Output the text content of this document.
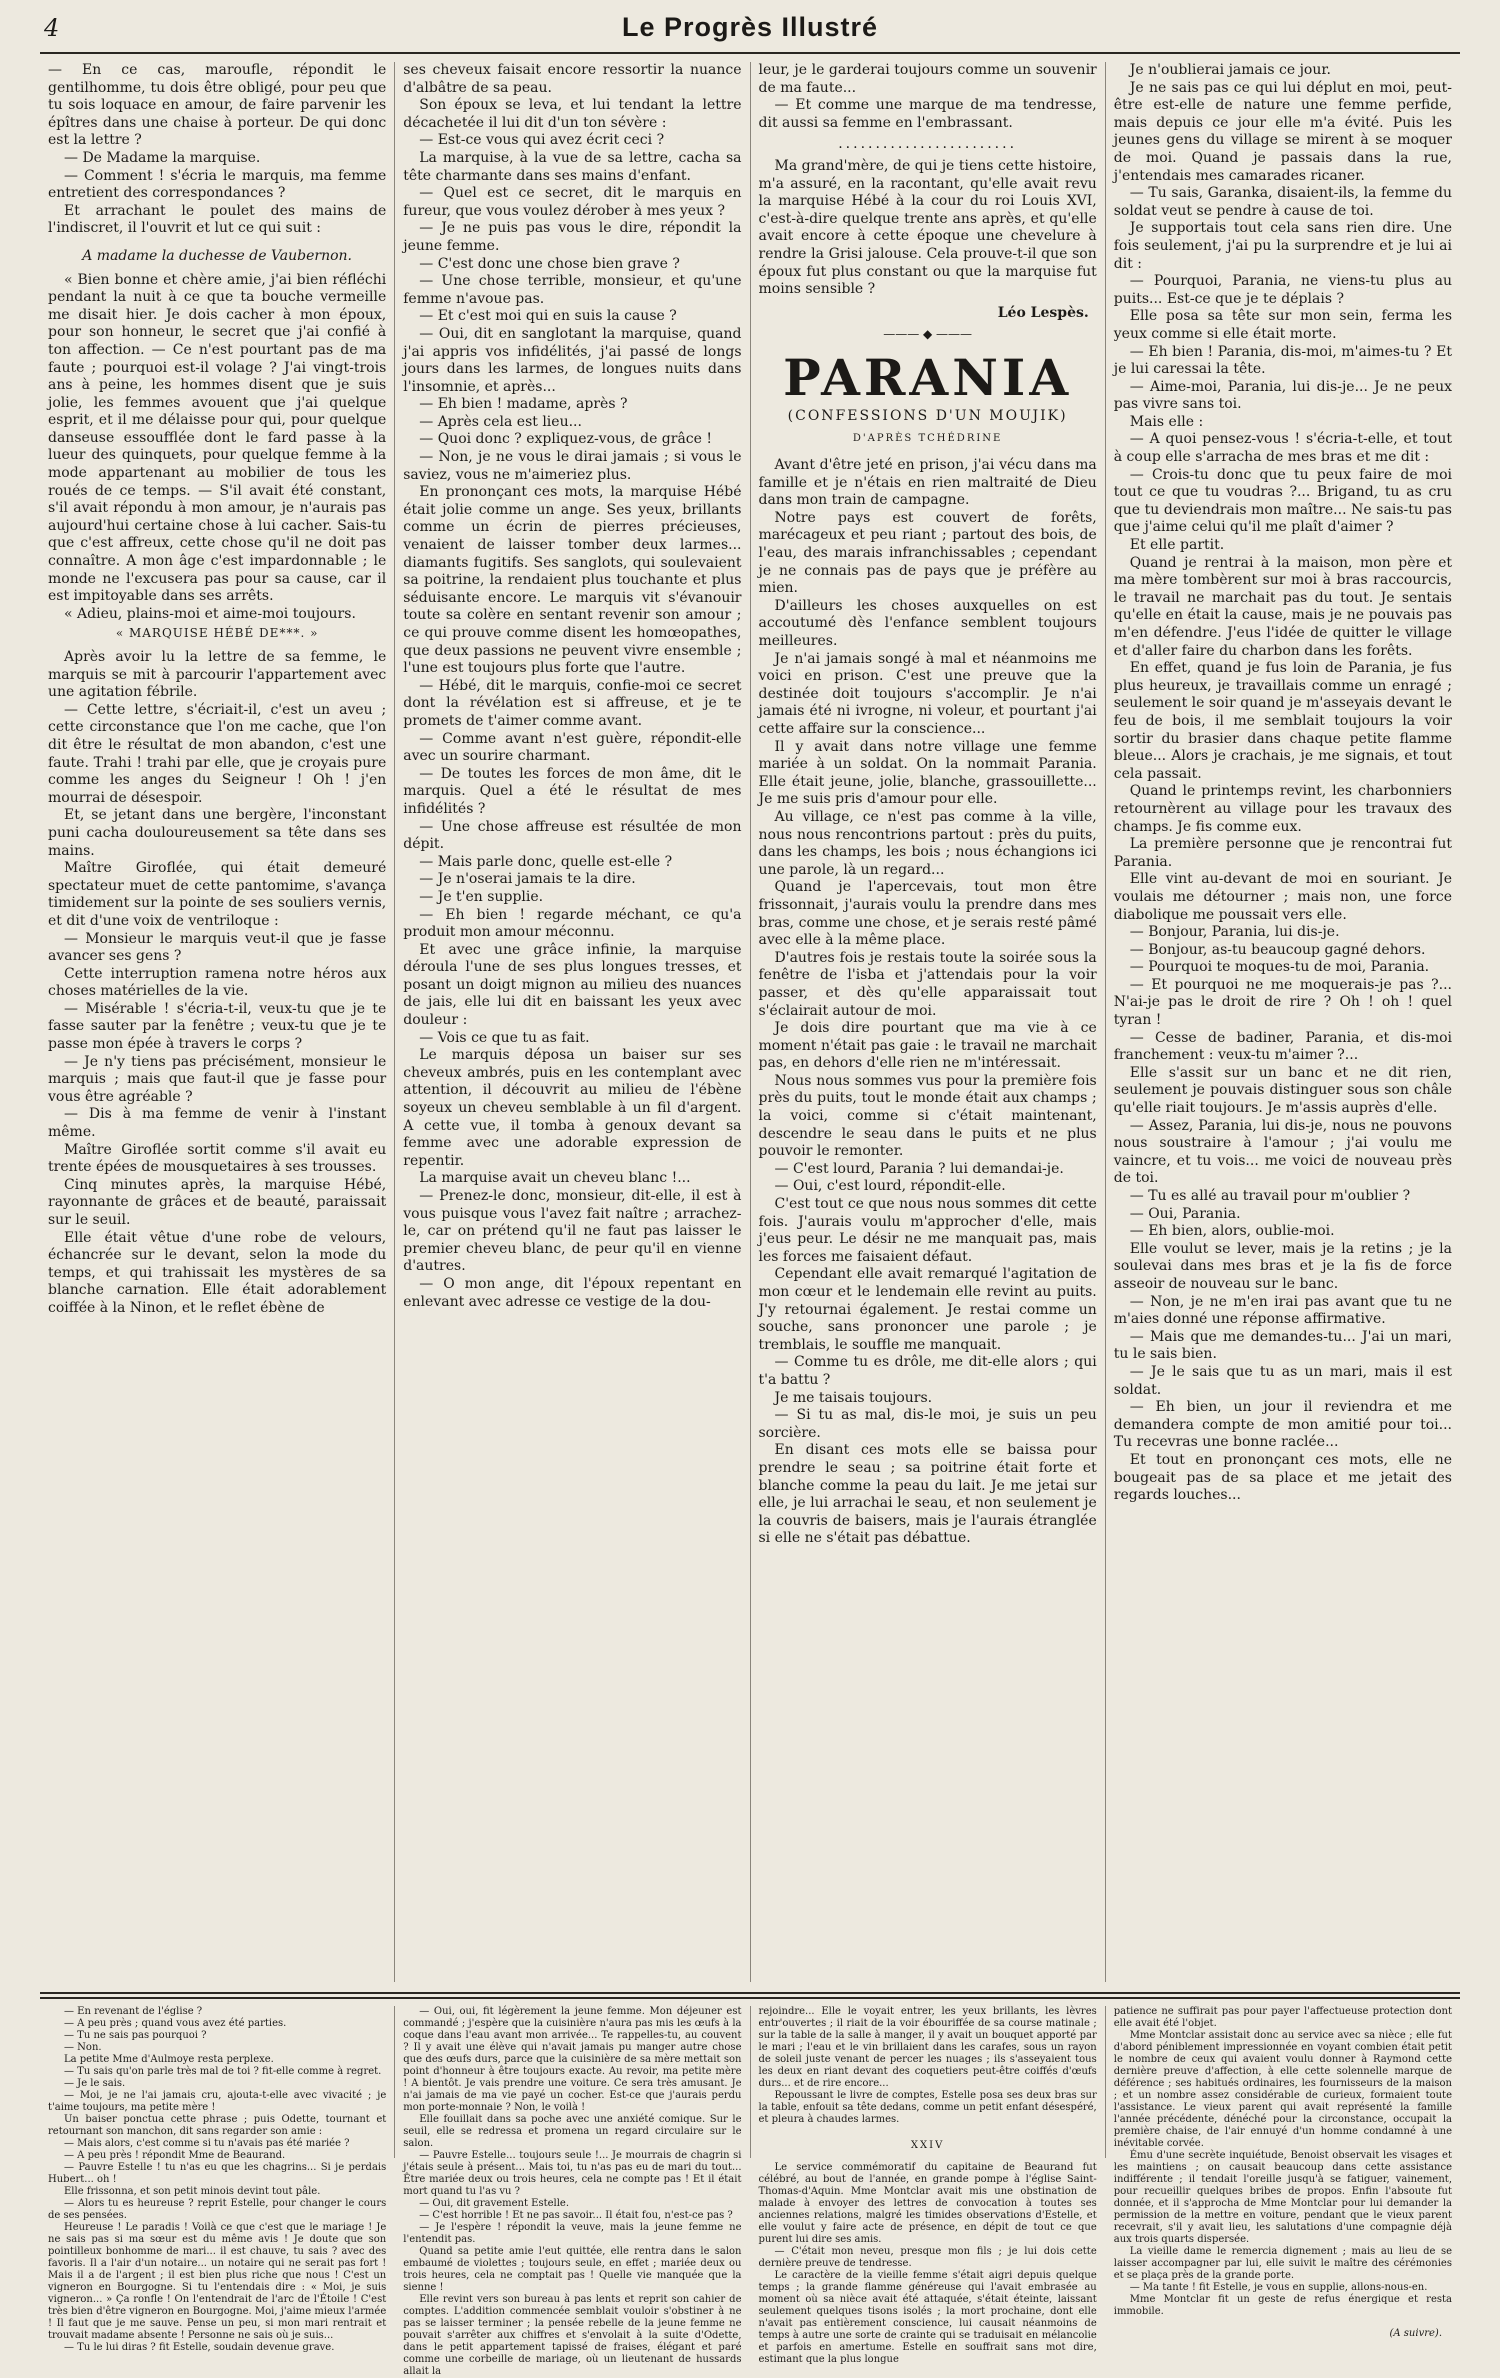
4	Le Progrès Illustré

— En ce cas, maroufle, répondit le gentilhomme, tu dois être obligé, pour peu que tu sois loquace en amour, de faire parvenir les épîtres dans une chaise à porteur. De qui donc est la lettre ?

— De Madame la marquise.

— Comment ! s'écria le marquis, ma femme entretient des correspondances ?

Et arrachant le poulet des mains de l'indiscret, il l'ouvrit et lut ce qui suit :

A madame la duchesse de Vaubernon.

« Bien bonne et chère amie, j'ai bien réfléchi pendant la nuit à ce que ta bouche vermeille me disait hier. Je dois cacher à mon époux, pour son honneur, le secret que j'ai confié à ton affection. — Ce n'est pourtant pas de ma faute ; pourquoi est-il volage ? J'ai vingt-trois ans à peine, les hommes disent que je suis jolie, les femmes avouent que j'ai quelque esprit, et il me délaisse pour qui, pour quelque danseuse essoufflée dont le fard passe à la lueur des quinquets, pour quelque femme à la mode appartenant au mobilier de tous les roués de ce temps. — S'il avait été constant, s'il avait répondu à mon amour, je n'aurais pas aujourd'hui certaine chose à lui cacher. Sais-tu que c'est affreux, cette chose qu'il ne doit pas connaître. A mon âge c'est impardonnable ; le monde ne l'excusera pas pour sa cause, car il est impitoyable dans ses arrêts.

« Adieu, plains-moi et aime-moi toujours.

« MARQUISE HÉBÉ DE***. »

Après avoir lu la lettre de sa femme, le marquis se mit à parcourir l'appartement avec une agitation fébrile.

— Cette lettre, s'écriait-il, c'est un aveu ; cette circonstance que l'on me cache, que l'on dit être le résultat de mon abandon, c'est une faute. Trahi ! trahi par elle, que je croyais pure comme les anges du Seigneur ! Oh ! j'en mourrai de désespoir.

Et, se jetant dans une bergère, l'inconstant puni cacha douloureusement sa tête dans ses mains.

Maître Giroflée, qui était demeuré spectateur muet de cette pantomime, s'avança timidement sur la pointe de ses souliers vernis, et dit d'une voix de ventriloque :

— Monsieur le marquis veut-il que je fasse avancer ses gens ?

Cette interruption ramena notre héros aux choses matérielles de la vie.

— Misérable ! s'écria-t-il, veux-tu que je te fasse sauter par la fenêtre ; veux-tu que je te passe mon épée à travers le corps ?

— Je n'y tiens pas précisément, monsieur le marquis ; mais que faut-il que je fasse pour vous être agréable ?

— Dis à ma femme de venir à l'instant même.

Maître Giroflée sortit comme s'il avait eu trente épées de mousquetaires à ses trousses.

Cinq minutes après, la marquise Hébé, rayonnante de grâces et de beauté, paraissait sur le seuil.

Elle était vêtue d'une robe de velours, échancrée sur le devant, selon la mode du temps, et qui trahissait les mystères de sa blanche carnation. Elle était adorablement coiffée à la Ninon, et le reflet ébène de

ses cheveux faisait encore ressortir la nuance d'albâtre de sa peau.

Son époux se leva, et lui tendant la lettre décachetée il lui dit d'un ton sévère :

— Est-ce vous qui avez écrit ceci ?

La marquise, à la vue de sa lettre, cacha sa tête charmante dans ses mains d'enfant.

— Quel est ce secret, dit le marquis en fureur, que vous voulez dérober à mes yeux ?

— Je ne puis pas vous le dire, répondit la jeune femme.

— C'est donc une chose bien grave ?

— Une chose terrible, monsieur, et qu'une femme n'avoue pas.

— Et c'est moi qui en suis la cause ?

— Oui, dit en sanglotant la marquise, quand j'ai appris vos infidélités, j'ai passé de longs jours dans les larmes, de longues nuits dans l'insomnie, et après...

— Eh bien ! madame, après ?

— Après cela est lieu...

— Quoi donc ? expliquez-vous, de grâce !

— Non, je ne vous le dirai jamais ; si vous le saviez, vous ne m'aimeriez plus.

En prononçant ces mots, la marquise Hébé était jolie comme un ange. Ses yeux, brillants comme un écrin de pierres précieuses, venaient de laisser tomber deux larmes... diamants fugitifs. Ses sanglots, qui soulevaient sa poitrine, la rendaient plus touchante et plus séduisante encore. Le marquis vit s'évanouir toute sa colère en sentant revenir son amour ; ce qui prouve comme disent les homœopathes, que deux passions ne peuvent vivre ensemble ; l'une est toujours plus forte que l'autre.

— Hébé, dit le marquis, confie-moi ce secret dont la révélation est si affreuse, et je te promets de t'aimer comme avant.

— Comme avant n'est guère, répondit-elle avec un sourire charmant.

— De toutes les forces de mon âme, dit le marquis. Quel a été le résultat de mes infidélités ?

— Une chose affreuse est résultée de mon dépit.

— Mais parle donc, quelle est-elle ?

— Je n'oserai jamais te la dire.

— Je t'en supplie.

— Eh bien ! regarde méchant, ce qu'a produit mon amour méconnu.

Et avec une grâce infinie, la marquise déroula l'une de ses plus longues tresses, et posant un doigt mignon au milieu des nuances de jais, elle lui dit en baissant les yeux avec douleur :

— Vois ce que tu as fait.

Le marquis déposa un baiser sur ses cheveux ambrés, puis en les contemplant avec attention, il découvrit au milieu de l'ébène soyeux un cheveu semblable à un fil d'argent. A cette vue, il tomba à genoux devant sa femme avec une adorable expression de repentir.

La marquise avait un cheveu blanc !...

— Prenez-le donc, monsieur, dit-elle, il est à vous puisque vous l'avez fait naître ; arrachez-le, car on prétend qu'il ne faut pas laisser le premier cheveu blanc, de peur qu'il en vienne d'autres.

— O mon ange, dit l'époux repentant en enlevant avec adresse ce vestige de la dou-

leur, je le garderai toujours comme un souvenir de ma faute...

— Et comme une marque de ma tendresse, dit aussi sa femme en l'embrassant.

........................

Ma grand'mère, de qui je tiens cette histoire, m'a assuré, en la racontant, qu'elle avait revu la marquise Hébé à la cour du roi Louis XVI, c'est-à-dire quelque trente ans après, et qu'elle avait encore à cette époque une chevelure à rendre la Grisi jalouse. Cela prouve-t-il que son époux fut plus constant ou que la marquise fut moins sensible ?

Léo Lespès.

——— ◆ ———

PARANIA

(CONFESSIONS D'UN MOUJIK)

D'APRÈS TCHÉDRINE

Avant d'être jeté en prison, j'ai vécu dans ma famille et je n'étais en rien maltraité de Dieu dans mon train de campagne.

Notre pays est couvert de forêts, marécageux et peu riant ; partout des bois, de l'eau, des marais infranchissables ; cependant je ne connais pas de pays que je préfère au mien.

D'ailleurs les choses auxquelles on est accoutumé dès l'enfance semblent toujours meilleures.

Je n'ai jamais songé à mal et néanmoins me voici en prison. C'est une preuve que la destinée doit toujours s'accomplir. Je n'ai jamais été ni ivrogne, ni voleur, et pourtant j'ai cette affaire sur la conscience...

Il y avait dans notre village une femme mariée à un soldat. On la nommait Parania. Elle était jeune, jolie, blanche, grassouillette... Je me suis pris d'amour pour elle.

Au village, ce n'est pas comme à la ville, nous nous rencontrions partout : près du puits, dans les champs, les bois ; nous échangions ici une parole, là un regard...

Quand je l'apercevais, tout mon être frissonnait, j'aurais voulu la prendre dans mes bras, comme une chose, et je serais resté pâmé avec elle à la même place.

D'autres fois je restais toute la soirée sous la fenêtre de l'isba et j'attendais pour la voir passer, et dès qu'elle apparaissait tout s'éclairait autour de moi.

Je dois dire pourtant que ma vie à ce moment n'était pas gaie : le travail ne marchait pas, en dehors d'elle rien ne m'intéressait.

Nous nous sommes vus pour la première fois près du puits, tout le monde était aux champs ; la voici, comme si c'était maintenant, descendre le seau dans le puits et ne plus pouvoir le remonter.

— C'est lourd, Parania ? lui demandai-je.

— Oui, c'est lourd, répondit-elle.

C'est tout ce que nous nous sommes dit cette fois. J'aurais voulu m'approcher d'elle, mais j'eus peur. Le désir ne me manquait pas, mais les forces me faisaient défaut.

Cependant elle avait remarqué l'agitation de mon cœur et le lendemain elle revint au puits. J'y retournai également. Je restai comme un souche, sans prononcer une parole ; je tremblais, le souffle me manquait.

— Comme tu es drôle, me dit-elle alors ; qui t'a battu ?

Je me taisais toujours.

— Si tu as mal, dis-le moi, je suis un peu sorcière.

En disant ces mots elle se baissa pour prendre le seau ; sa poitrine était forte et blanche comme la peau du lait. Je me jetai sur elle, je lui arrachai le seau, et non seulement je la couvris de baisers, mais je l'aurais étranglée si elle ne s'était pas débattue.

Je n'oublierai jamais ce jour.

Je ne sais pas ce qui lui déplut en moi, peut-être est-elle de nature une femme perfide, mais depuis ce jour elle m'a évité. Puis les jeunes gens du village se mirent à se moquer de moi. Quand je passais dans la rue, j'entendais mes camarades ricaner.

— Tu sais, Garanka, disaient-ils, la femme du soldat veut se pendre à cause de toi.

Je supportais tout cela sans rien dire. Une fois seulement, j'ai pu la surprendre et je lui ai dit :

— Pourquoi, Parania, ne viens-tu plus au puits... Est-ce que je te déplais ?

Elle posa sa tête sur mon sein, ferma les yeux comme si elle était morte.

— Eh bien ! Parania, dis-moi, m'aimes-tu ? Et je lui caressai la tête.

— Aime-moi, Parania, lui dis-je... Je ne peux pas vivre sans toi.

Mais elle :

— A quoi pensez-vous ! s'écria-t-elle, et tout à coup elle s'arracha de mes bras et me dit :

— Crois-tu donc que tu peux faire de moi tout ce que tu voudras ?... Brigand, tu as cru que tu deviendrais mon maître... Ne sais-tu pas que j'aime celui qu'il me plaît d'aimer ?

Et elle partit.

Quand je rentrai à la maison, mon père et ma mère tombèrent sur moi à bras raccourcis, le travail ne marchait pas du tout. Je sentais qu'elle en était la cause, mais je ne pouvais pas m'en défendre. J'eus l'idée de quitter le village et d'aller faire du charbon dans les forêts.

En effet, quand je fus loin de Parania, je fus plus heureux, je travaillais comme un enragé ; seulement le soir quand je m'asseyais devant le feu de bois, il me semblait toujours la voir sortir du brasier dans chaque petite flamme bleue... Alors je crachais, je me signais, et tout cela passait.

Quand le printemps revint, les charbonniers retournèrent au village pour les travaux des champs. Je fis comme eux.

La première personne que je rencontrai fut Parania.

Elle vint au-devant de moi en souriant. Je voulais me détourner ; mais non, une force diabolique me poussait vers elle.

— Bonjour, Parania, lui dis-je.

— Bonjour, as-tu beaucoup gagné dehors.

— Pourquoi te moques-tu de moi, Parania.

— Et pourquoi ne me moquerais-je pas ?... N'ai-je pas le droit de rire ? Oh ! oh ! quel tyran !

— Cesse de badiner, Parania, et dis-moi franchement : veux-tu m'aimer ?...

Elle s'assit sur un banc et ne dit rien, seulement je pouvais distinguer sous son châle qu'elle riait toujours. Je m'assis auprès d'elle.

— Assez, Parania, lui dis-je, nous ne pouvons nous soustraire à l'amour ; j'ai voulu me vaincre, et tu vois... me voici de nouveau près de toi.

— Tu es allé au travail pour m'oublier ?

— Oui, Parania.

— Eh bien, alors, oublie-moi.

Elle voulut se lever, mais je la retins ; je la soulevai dans mes bras et je la fis de force asseoir de nouveau sur le banc.

— Non, je ne m'en irai pas avant que tu ne m'aies donné une réponse affirmative.

— Mais que me demandes-tu... J'ai un mari, tu le sais bien.

— Je le sais que tu as un mari, mais il est soldat.

— Eh bien, un jour il reviendra et me demandera compte de mon amitié pour toi... Tu recevras une bonne raclée...

Et tout en prononçant ces mots, elle ne bougeait pas de sa place et me jetait des regards louches...

— En revenant de l'église ?

— A peu près ; quand vous avez été parties.

— Tu ne sais pas pourquoi ?

— Non.

La petite Mme d'Aulmoye resta perplexe.

— Tu sais qu'on parle très mal de toi ? fit-elle comme à regret.

— Je le sais.

— Moi, je ne l'ai jamais cru, ajouta-t-elle avec vivacité ; je t'aime toujours, ma petite mère !

Un baiser ponctua cette phrase ; puis Odette, tournant et retournant son manchon, dit sans regarder son amie :

— Mais alors, c'est comme si tu n'avais pas été mariée ?

— A peu près ! répondit Mme de Beaurand.

— Pauvre Estelle ! tu n'as eu que les chagrins... Si je perdais Hubert... oh !

Elle frissonna, et son petit minois devint tout pâle.

— Alors tu es heureuse ? reprit Estelle, pour changer le cours de ses pensées.

Heureuse ! Le paradis ! Voilà ce que c'est que le mariage ! Je ne sais pas si ma sœur est du même avis ! Je doute que son pointilleux bonhomme de mari... il est chauve, tu sais ? avec des favoris. Il a l'air d'un notaire... un notaire qui ne serait pas fort ! Mais il a de l'argent ; il est bien plus riche que nous ! C'est un vigneron en Bourgogne. Si tu l'entendais dire : « Moi, je suis vigneron... » Ça ronfle ! On l'entendrait de l'arc de l'Étoile ! C'est très bien d'être vigneron en Bourgogne. Moi, j'aime mieux l'armée ! Il faut que je me sauve. Pense un peu, si mon mari rentrait et trouvait madame absente ! Personne ne sais où je suis...

— Tu le lui diras ? fit Estelle, soudain devenue grave.

— Oui, oui, fit légèrement la jeune femme. Mon déjeuner est commandé ; j'espère que la cuisinière n'aura pas mis les œufs à la coque dans l'eau avant mon arrivée... Te rappelles-tu, au couvent ? Il y avait une élève qui n'avait jamais pu manger autre chose que des œufs durs, parce que la cuisinière de sa mère mettait son point d'honneur à être toujours exacte. Au revoir, ma petite mère ! A bientôt. Je vais prendre une voiture. Ce sera très amusant. Je n'ai jamais de ma vie payé un cocher. Est-ce que j'aurais perdu mon porte-monnaie ? Non, le voilà !

Elle fouillait dans sa poche avec une anxiété comique. Sur le seuil, elle se redressa et promena un regard circulaire sur le salon.

— Pauvre Estelle... toujours seule !... Je mourrais de chagrin si j'étais seule à présent... Mais toi, tu n'as pas eu de mari du tout... Être mariée deux ou trois heures, cela ne compte pas ! Et il était mort quand tu l'as vu ?

— Oui, dit gravement Estelle.

— C'est horrible ! Et ne pas savoir... Il était fou, n'est-ce pas ?

— Je l'espère ! répondit la veuve, mais la jeune femme ne l'entendit pas.

Quand sa petite amie l'eut quittée, elle rentra dans le salon embaumé de violettes ; toujours seule, en effet ; mariée deux ou trois heures, cela ne comptait pas ! Quelle vie manquée que la sienne !

Elle revint vers son bureau à pas lents et reprit son cahier de comptes. L'addition commencée semblait vouloir s'obstiner à ne pas se laisser terminer ; la pensée rebelle de la jeune femme ne pouvait s'arrêter aux chiffres et s'envolait à la suite d'Odette, dans le petit appartement tapissé de fraises, élégant et paré comme une corbeille de mariage, où un lieutenant de hussards allait la

rejoindre... Elle le voyait entrer, les yeux brillants, les lèvres entr'ouvertes ; il riait de la voir ébouriffée de sa course matinale ; sur la table de la salle à manger, il y avait un bouquet apporté par le mari ; l'eau et le vin brillaient dans les carafes, sous un rayon de soleil juste venant de percer les nuages ; ils s'asseyaient tous les deux en riant devant des coquetiers peut-être coiffés d'œufs durs... et de rire encore...

Repoussant le livre de comptes, Estelle posa ses deux bras sur la table, enfouit sa tête dedans, comme un petit enfant désespéré, et pleura à chaudes larmes.

XXIV

Le service commémoratif du capitaine de Beaurand fut célébré, au bout de l'année, en grande pompe à l'église Saint-Thomas-d'Aquin. Mme Montclar avait mis une obstination de malade à envoyer des lettres de convocation à toutes ses anciennes relations, malgré les timides observations d'Estelle, et elle voulut y faire acte de présence, en dépit de tout ce que purent lui dire ses amis.

— C'était mon neveu, presque mon fils ; je lui dois cette dernière preuve de tendresse.

Le caractère de la vieille femme s'était aigri depuis quelque temps ; la grande flamme généreuse qui l'avait embrasée au moment où sa nièce avait été attaquée, s'était éteinte, laissant seulement quelques tisons isolés ; la mort prochaine, dont elle n'avait pas entièrement conscience, lui causait néanmoins de temps à autre une sorte de crainte qui se traduisait en mélancolie et parfois en amertume. Estelle en souffrait sans mot dire, estimant que la plus longue

patience ne suffirait pas pour payer l'affectueuse protection dont elle avait été l'objet.

Mme Montclar assistait donc au service avec sa nièce ; elle fut d'abord péniblement impressionnée en voyant combien était petit le nombre de ceux qui avaient voulu donner à Raymond cette dernière preuve d'affection, à elle cette solennelle marque de déférence ; ses habitués ordinaires, les fournisseurs de la maison ; et un nombre assez considérable de curieux, formaient toute l'assistance. Le vieux parent qui avait représenté la famille l'année précédente, dénéché pour la circonstance, occupait la première chaise, de l'air ennuyé d'un homme condamné à une inévitable corvée.

Ému d'une secrète inquiétude, Benoist observait les visages et les maintiens ; on causait beaucoup dans cette assistance indifférente ; il tendait l'oreille jusqu'à se fatiguer, vainement, pour recueillir quelques bribes de propos. Enfin l'absoute fut donnée, et il s'approcha de Mme Montclar pour lui demander la permission de la mettre en voiture, pendant que le vieux parent recevrait, s'il y avait lieu, les salutations d'une compagnie déjà aux trois quarts dispersée.

La vieille dame le remercia dignement ; mais au lieu de se laisser accompagner par lui, elle suivit le maître des cérémonies et se plaça près de la grande porte.

— Ma tante ! fit Estelle, je vous en supplie, allons-nous-en.

Mme Montclar fit un geste de refus énergique et resta immobile.

(A suivre).
